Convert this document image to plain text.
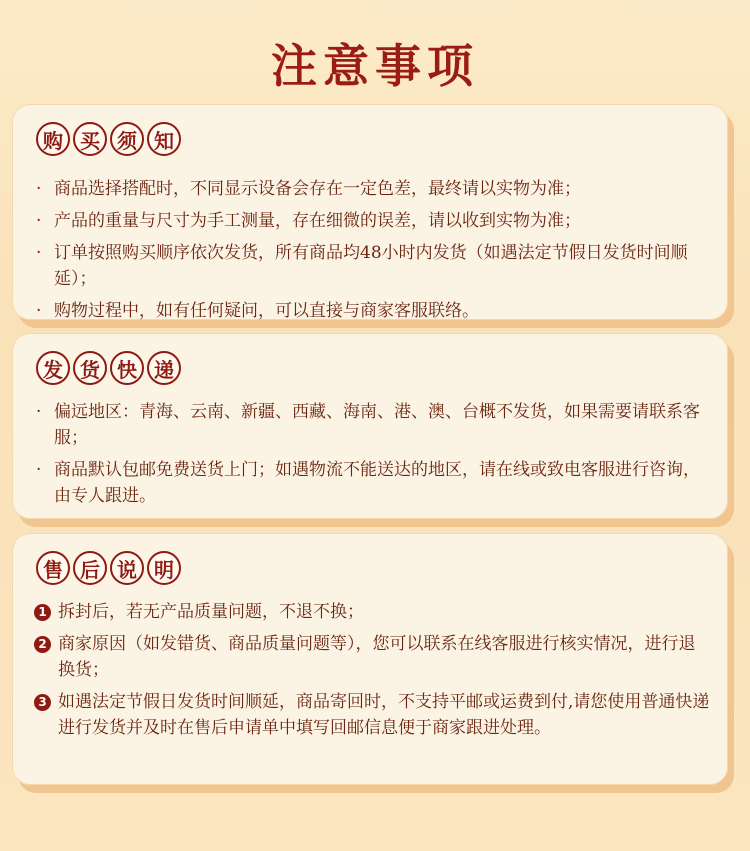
注意事项
购 买 须 知
· 商品选择搭配时，不同显示设备会存在一定色差，最终请以实物为准；
· 产品的重量与尺寸为手工测量，存在细微的误差，请以收到实物为准；
· 订单按照购买顺序依次发货，所有商品均48小时内发货（如遇法定节假日发货时间顺延）；
· 购物过程中，如有任何疑问，可以直接与商家客服联络。
发 货 快 递
· 偏远地区：青海、云南、新疆、西藏、海南、港、澳、台概不发货，如果需要请联系客服；
· 商品默认包邮免费送货上门；如遇物流不能送达的地区，请在线或致电客服进行咨询，由专人跟进。
售 后 说 明
1 拆封后，若无产品质量问题，不退不换；
2 商家原因（如发错货、商品质量问题等），您可以联系在线客服进行核实情况，进行退换货；
3 如遇法定节假日发货时间顺延，商品寄回时，不支持平邮或运费到付,请您使用普通快递进行发货并及时在售后申请单中填写回邮信息便于商家跟进处理。
